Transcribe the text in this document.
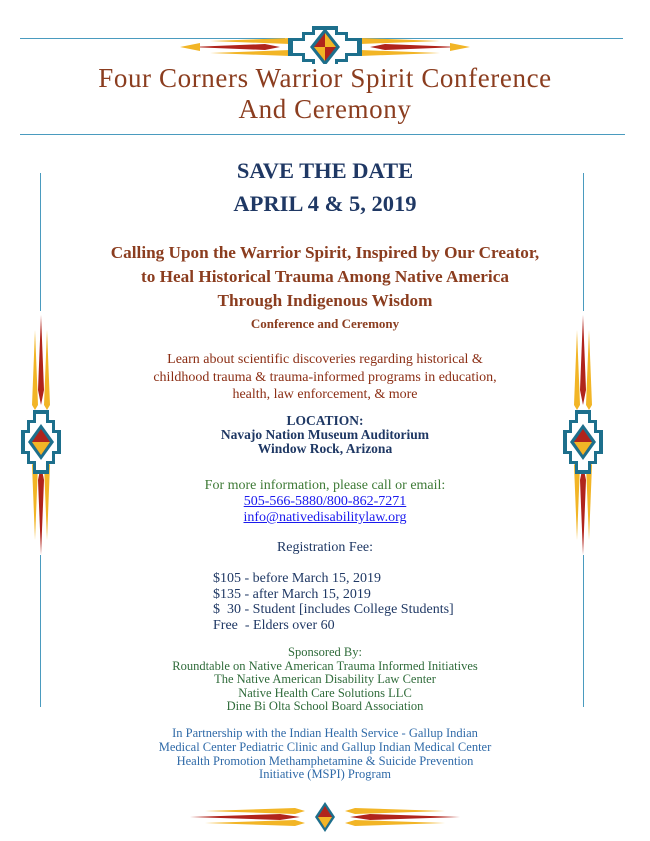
Four Corners Warrior Spirit Conference
And Ceremony
SAVE THE DATE
APRIL 4 & 5, 2019
Calling Upon the Warrior Spirit, Inspired by Our Creator,
to Heal Historical Trauma Among Native America
Through Indigenous Wisdom
Conference and Ceremony
Learn about scientific discoveries regarding historical &
childhood trauma & trauma-informed programs in education,
health, law enforcement, & more
LOCATION:
Navajo Nation Museum Auditorium
Window Rock, Arizona
For more information, please call or email:
505-566-5880/800-862-7271
info@nativedisabilitylaw.org
Registration Fee:
$105 - before March 15, 2019
$135 - after March 15, 2019
$  30 - Student [includes College Students]
Free  - Elders over 60
Sponsored By:
Roundtable on Native American Trauma Informed Initiatives
The Native American Disability Law Center
Native Health Care Solutions LLC
Dine Bi Olta School Board Association
In Partnership with the Indian Health Service - Gallup Indian
Medical Center Pediatric Clinic and Gallup Indian Medical Center
Health Promotion Methamphetamine & Suicide Prevention
Initiative (MSPI) Program
